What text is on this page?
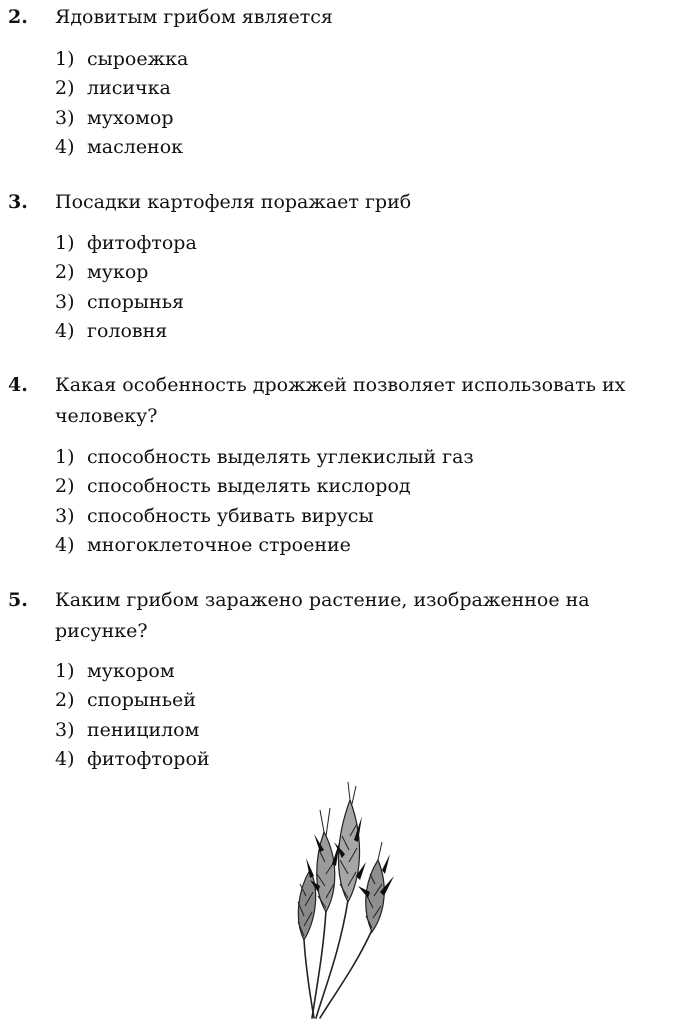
2. Ядовитым грибом является
1) сыроежка
2) лисичка
3) мухомор
4) масленок
3. Посадки картофеля поражает гриб
1) фитофтора
2) мукор
3) спорынья
4) головня
4. Какая особенность дрожжей позволяет использовать их человеку?
1) способность выделять углекислый газ
2) способность выделять кислород
3) способность убивать вирусы
4) многоклеточное строение
5. Каким грибом заражено растение, изображенное на рисунке?
1) мукором
2) спорыньей
3) пеницилом
4) фитофторой
